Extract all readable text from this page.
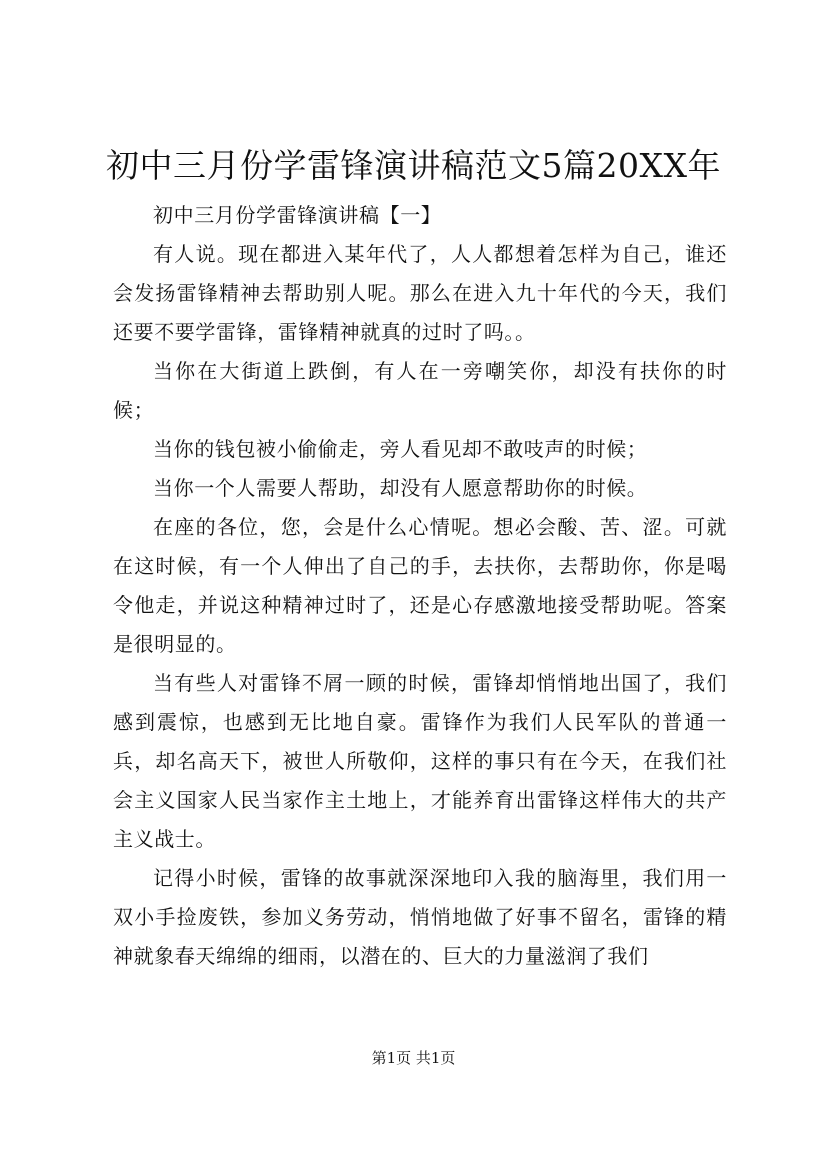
初中三月份学雷锋演讲稿范文5篇20XX年

初中三月份学雷锋演讲稿【一】

有人说。现在都进入某年代了，人人都想着怎样为自己，谁还会发扬雷锋精神去帮助别人呢。那么在进入九十年代的今天，我们还要不要学雷锋，雷锋精神就真的过时了吗。。

当你在大街道上跌倒，有人在一旁嘲笑你，却没有扶你的时候；

当你的钱包被小偷偷走，旁人看见却不敢吱声的时候；

当你一个人需要人帮助，却没有人愿意帮助你的时候。

在座的各位，您，会是什么心情呢。想必会酸、苦、涩。可就在这时候，有一个人伸出了自己的手，去扶你，去帮助你，你是喝令他走，并说这种精神过时了，还是心存感激地接受帮助呢。答案是很明显的。

当有些人对雷锋不屑一顾的时候，雷锋却悄悄地出国了，我们感到震惊，也感到无比地自豪。雷锋作为我们人民军队的普通一兵，却名高天下，被世人所敬仰，这样的事只有在今天，在我们社会主义国家人民当家作主土地上，才能养育出雷锋这样伟大的共产主义战士。

记得小时候，雷锋的故事就深深地印入我的脑海里，我们用一双小手捡废铁，参加义务劳动，悄悄地做了好事不留名，雷锋的精神就象春天绵绵的细雨，以潜在的、巨大的力量滋润了我们

第1页 共1页
